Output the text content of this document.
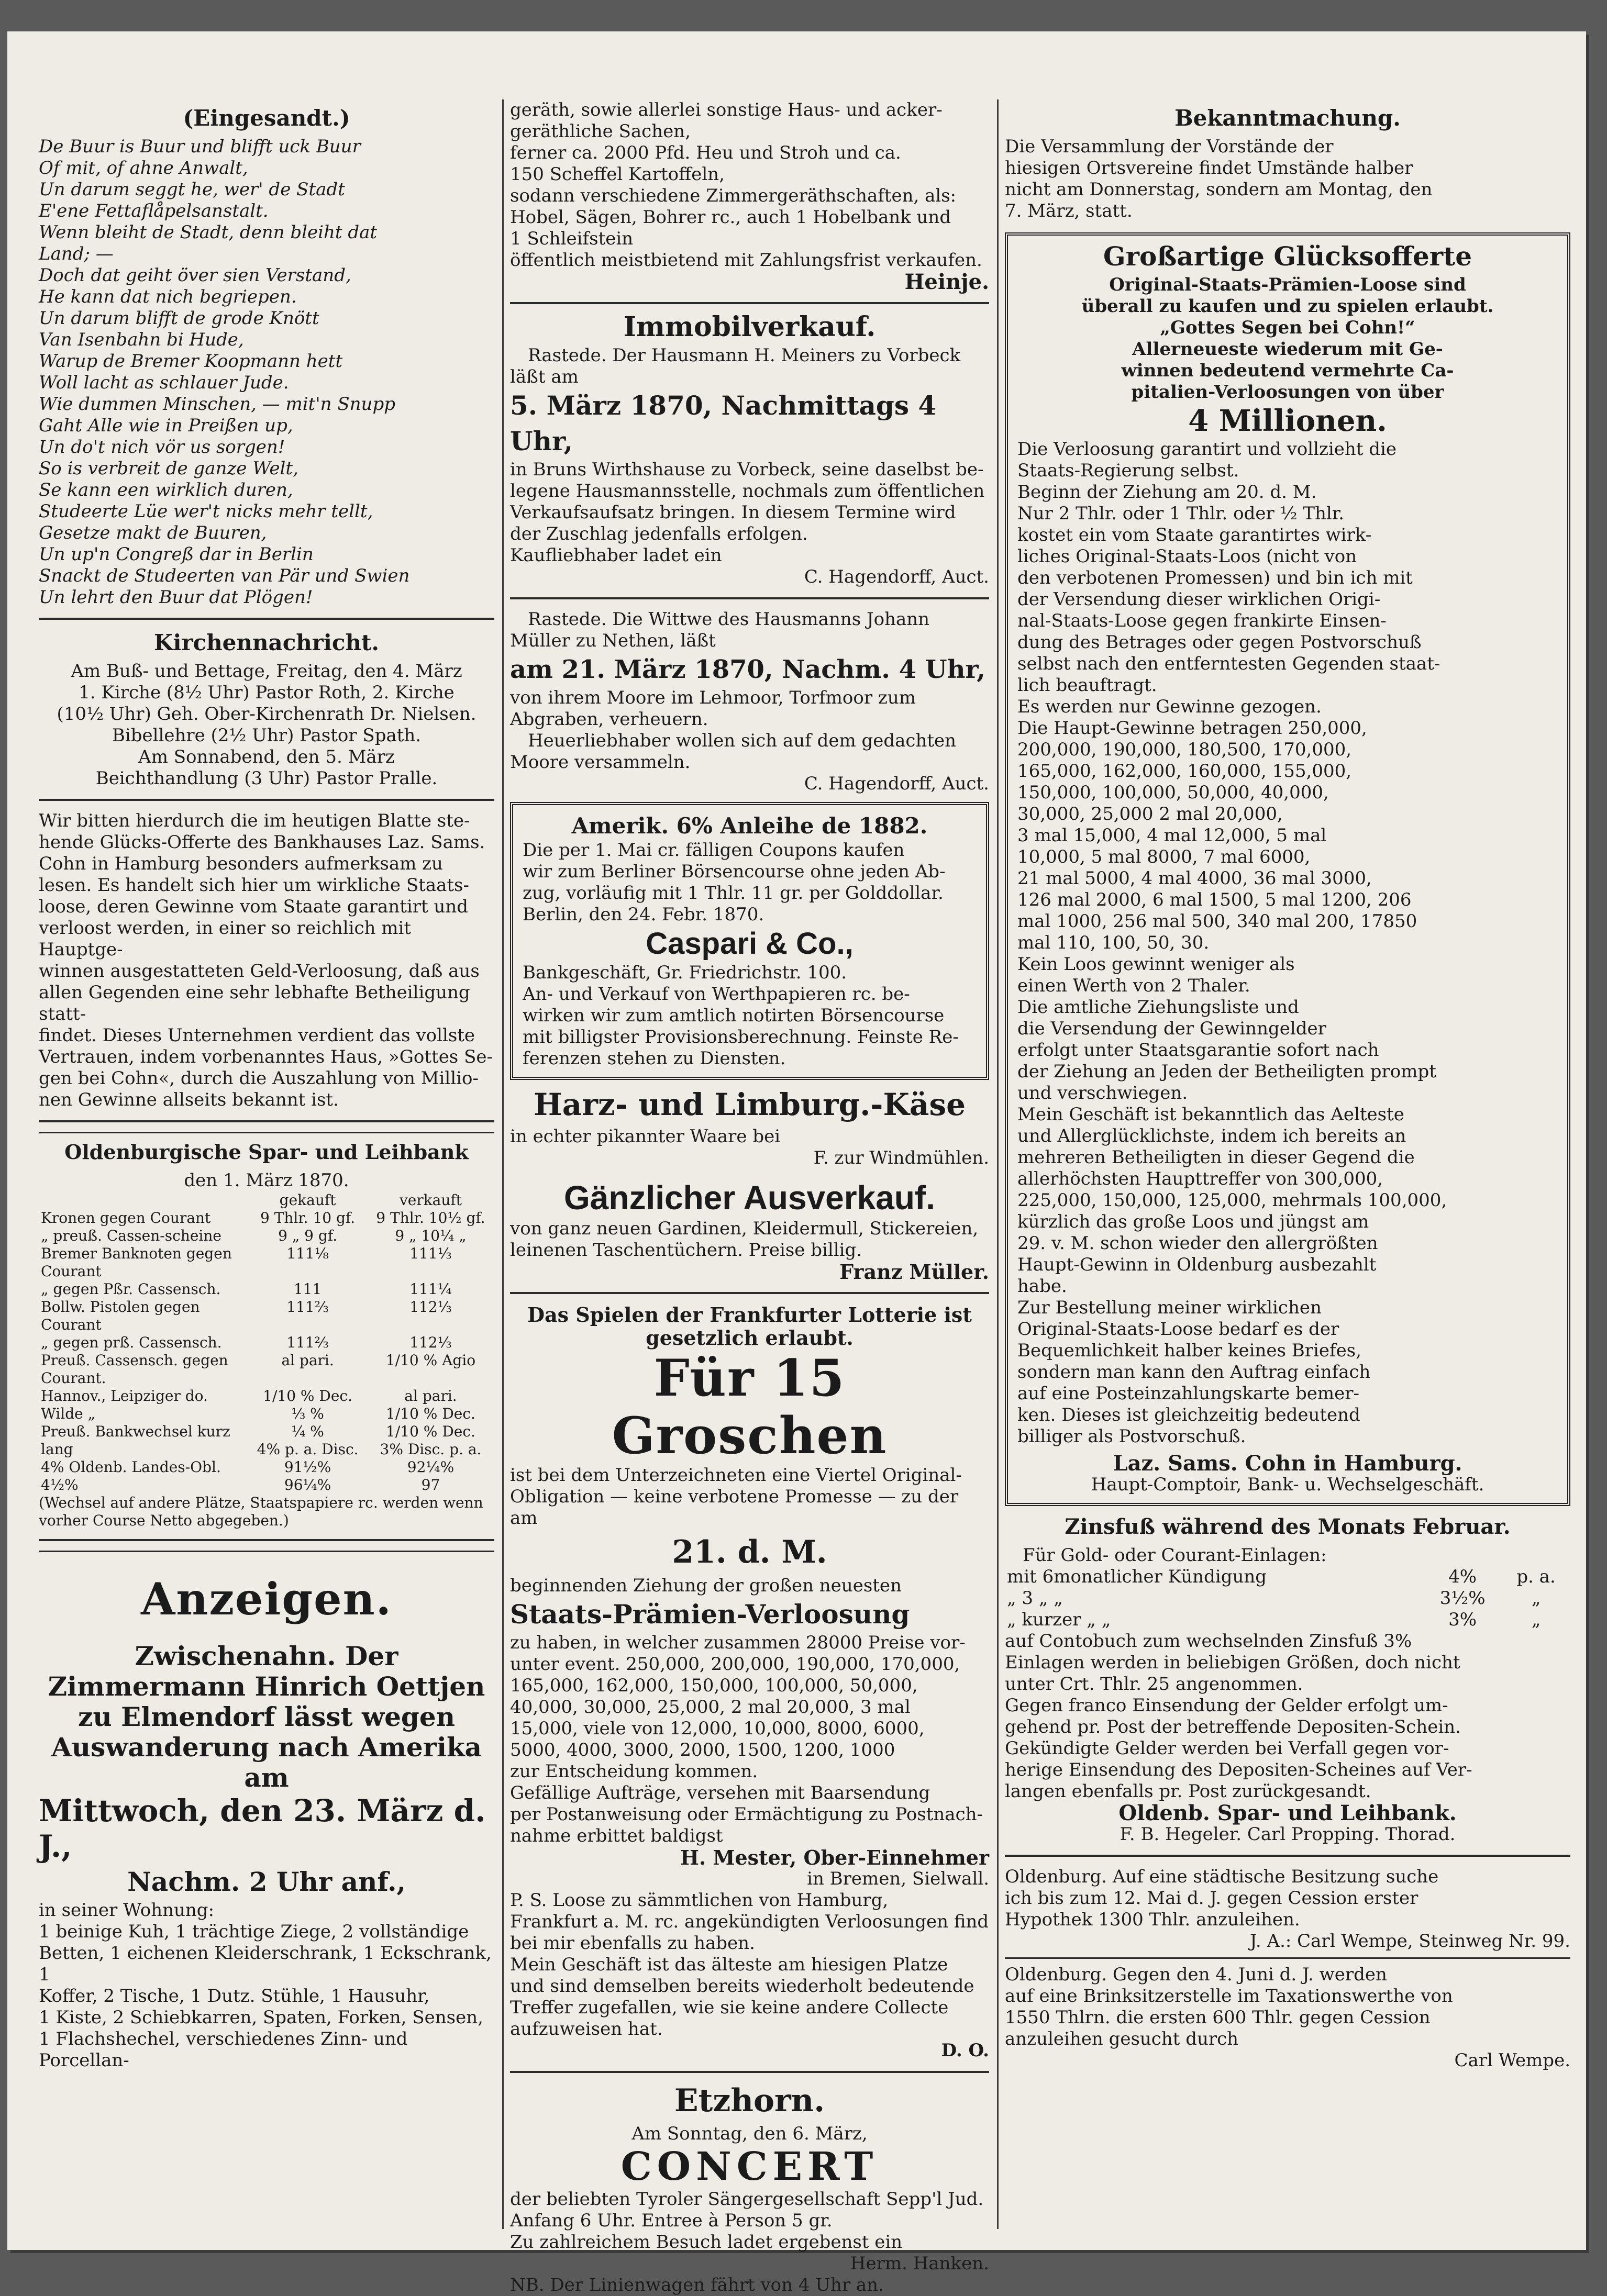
(Eingesandt.)

De Buur is Buur und blifft uck Buur

Of mit, of ahne Anwalt,

Un darum seggt he, wer' de Stadt

E'ene Fettaflåpelsanstalt.

Wenn bleiht de Stadt, denn bleiht dat

Land; —

Doch dat geiht över sien Verstand,

He kann dat nich begriepen.

Un darum blifft de grode Knött

Van Isenbahn bi Hude,

Warup de Bremer Koopmann hett

Woll lacht as schlauer Jude.

Wie dummen Minschen, — mit'n Snupp

Gaht Alle wie in Preißen up,

Un do't nich vör us sorgen!

So is verbreit de ganze Welt,

Se kann een wirklich duren,

Studeerte Lüe wer't nicks mehr tellt,

Gesetze makt de Buuren,

Un up'n Congreß dar in Berlin

Snackt de Studeerten van Pär und Swien

Un lehrt den Buur dat Plögen!

Kirchennachricht.

Am Buß- und Bettage, Freitag, den 4. März

1. Kirche (8½ Uhr) Pastor Roth, 2. Kirche

(10½ Uhr) Geh. Ober-Kirchenrath Dr. Nielsen.

Bibellehre (2½ Uhr) Pastor Spath.

Am Sonnabend, den 5. März

Beichthandlung (3 Uhr) Pastor Pralle.

Wir bitten hierdurch die im heutigen Blatte ste-

hende Glücks-Offerte des Bankhauses Laz. Sams.

Cohn in Hamburg besonders aufmerksam zu

lesen. Es handelt sich hier um wirkliche Staats-

loose, deren Gewinne vom Staate garantirt und

verloost werden, in einer so reichlich mit Hauptge-

winnen ausgestatteten Geld-Verloosung, daß aus

allen Gegenden eine sehr lebhafte Betheiligung statt-

findet. Dieses Unternehmen verdient das vollste

Vertrauen, indem vorbenanntes Haus, »Gottes Se-

gen bei Cohn«, durch die Auszahlung von Millio-

nen Gewinne allseits bekannt ist.

Oldenburgische Spar- und Leihbank

den 1. März 1870.

	gekauft	verkauft
Kronen gegen Courant	9 Thlr. 10 gf.	9 Thlr. 10½ gf.
„ preuß. Cassen-scheine	9 „ 9 gf.	9 „ 10¼ „
Bremer Banknoten gegen Courant	111⅛	111⅓
„ gegen Pßr. Cassensch.	111	111¼
Bollw. Pistolen gegen Courant	111⅔	112⅓
„ gegen prß. Cassensch.	111⅔	112⅓
Preuß. Cassensch. gegen Courant.	al pari.	1/10 % Agio
Hannov., Leipziger do.	1/10 % Dec.	al pari.
Wilde „	⅓ %	1/10 % Dec.
Preuß. Bankwechsel kurz	¼ %	1/10 % Dec.
lang	4% p. a. Disc.	3% Disc. p. a.
4% Oldenb. Landes-Obl.	91½%	92¼%
4½%	96¼%	97

(Wechsel auf andere Plätze, Staatspapiere rc. werden wenn vorher Course Netto abgegeben.)

Anzeigen.

Zwischenahn. Der Zimmermann Hinrich Oettjen zu Elmendorf lässt wegen Auswanderung nach Amerika am

Mittwoch, den 23. März d. J.,

Nachm. 2 Uhr anf.,

in seiner Wohnung:

1 beinige Kuh, 1 trächtige Ziege, 2 vollständige

Betten, 1 eichenen Kleiderschrank, 1 Eckschrank, 1

Koffer, 2 Tische, 1 Dutz. Stühle, 1 Hausuhr,

1 Kiste, 2 Schiebkarren, Spaten, Forken, Sensen,

1 Flachshechel, verschiedenes Zinn- und Porcellan-

geräth, sowie allerlei sonstige Haus- und acker-

geräthliche Sachen,

ferner ca. 2000 Pfd. Heu und Stroh und ca.

150 Scheffel Kartoffeln,

sodann verschiedene Zimmergeräthschaften, als:

Hobel, Sägen, Bohrer rc., auch 1 Hobelbank und

1 Schleifstein

öffentlich meistbietend mit Zahlungsfrist verkaufen.

Heinje.

Immobilverkauf.

Rastede. Der Hausmann H. Meiners zu Vorbeck läßt am

5. März 1870, Nachmittags 4 Uhr,

in Bruns Wirthshause zu Vorbeck, seine daselbst be-

legene Hausmannsstelle, nochmals zum öffentlichen

Verkaufsaufsatz bringen. In diesem Termine wird

der Zuschlag jedenfalls erfolgen.

Kaufliebhaber ladet ein

C. Hagendorff, Auct.

Rastede. Die Wittwe des Hausmanns Johann Müller zu Nethen, läßt

am 21. März 1870, Nachm. 4 Uhr,

von ihrem Moore im Lehmoor, Torfmoor zum Abgraben, verheuern.

Heuerliebhaber wollen sich auf dem gedachten Moore versammeln.

C. Hagendorff, Auct.

Amerik. 6% Anleihe de 1882.

Die per 1. Mai cr. fälligen Coupons kaufen

wir zum Berliner Börsencourse ohne jeden Ab-

zug, vorläufig mit 1 Thlr. 11 gr. per Golddollar.

Berlin, den 24. Febr. 1870.

Caspari & Co.,

Bankgeschäft, Gr. Friedrichstr. 100.

An- und Verkauf von Werthpapieren rc. be-

wirken wir zum amtlich notirten Börsencourse

mit billigster Provisionsberechnung. Feinste Re-

ferenzen stehen zu Diensten.

Harz- und Limburg.-Käse

in echter pikannter Waare bei

F. zur Windmühlen.

Gänzlicher Ausverkauf.

von ganz neuen Gardinen, Kleidermull, Stickereien,

leinenen Taschentüchern. Preise billig.

Franz Müller.

Das Spielen der Frankfurter Lotterie ist gesetzlich erlaubt.

Für 15 Groschen

ist bei dem Unterzeichneten eine Viertel Original-Obligation — keine verbotene Promesse — zu der am

21. d. M.

beginnenden Ziehung der großen neuesten

Staats-Prämien-Verloosung

zu haben, in welcher zusammen 28000 Preise vor-

unter event. 250,000, 200,000, 190,000, 170,000,

165,000, 162,000, 150,000, 100,000, 50,000,

40,000, 30,000, 25,000, 2 mal 20,000, 3 mal

15,000, viele von 12,000, 10,000, 8000, 6000,

5000, 4000, 3000, 2000, 1500, 1200, 1000

zur Entscheidung kommen.

Gefällige Aufträge, versehen mit Baarsendung

per Postanweisung oder Ermächtigung zu Postnach-

nahme erbittet baldigst

H. Mester, Ober-Einnehmer

in Bremen, Sielwall.

P. S. Loose zu sämmtlichen von Hamburg,

Frankfurt a. M. rc. angekündigten Verloosungen find

bei mir ebenfalls zu haben.

Mein Geschäft ist das älteste am hiesigen Platze

und sind demselben bereits wiederholt bedeutende

Treffer zugefallen, wie sie keine andere Collecte

aufzuweisen hat.

D. O.

Etzhorn.

Am Sonntag, den 6. März,

CONCERT

der beliebten Tyroler Sängergesellschaft Sepp'l Jud.

Anfang 6 Uhr. Entree à Person 5 gr.

Zu zahlreichem Besuch ladet ergebenst ein

Herm. Hanken.

NB. Der Linienwagen fährt von 4 Uhr an.

Bekanntmachung.

Die Versammlung der Vorstände der

hiesigen Ortsvereine findet Umstände halber

nicht am Donnerstag, sondern am Montag, den

7. März, statt.

Großartige Glücksofferte

Original-Staats-Prämien-Loose sind

überall zu kaufen und zu spielen erlaubt.

„Gottes Segen bei Cohn!“

Allerneueste wiederum mit Ge-

winnen bedeutend vermehrte Ca-

pitalien-Verloosungen von über

4 Millionen.

Die Verloosung garantirt und vollzieht die

Staats-Regierung selbst.

Beginn der Ziehung am 20. d. M.

Nur 2 Thlr. oder 1 Thlr. oder ½ Thlr.

kostet ein vom Staate garantirtes wirk-

liches Original-Staats-Loos (nicht von

den verbotenen Promessen) und bin ich mit

der Versendung dieser wirklichen Origi-

nal-Staats-Loose gegen frankirte Einsen-

dung des Betrages oder gegen Postvorschuß

selbst nach den entferntesten Gegenden staat-

lich beauftragt.

Es werden nur Gewinne gezogen.

Die Haupt-Gewinne betragen 250,000,

200,000, 190,000, 180,500, 170,000,

165,000, 162,000, 160,000, 155,000,

150,000, 100,000, 50,000, 40,000,

30,000, 25,000 2 mal 20,000,

3 mal 15,000, 4 mal 12,000, 5 mal

10,000, 5 mal 8000, 7 mal 6000,

21 mal 5000, 4 mal 4000, 36 mal 3000,

126 mal 2000, 6 mal 1500, 5 mal 1200, 206

mal 1000, 256 mal 500, 340 mal 200, 17850

mal 110, 100, 50, 30.

Kein Loos gewinnt weniger als

einen Werth von 2 Thaler.

Die amtliche Ziehungsliste und

die Versendung der Gewinngelder

erfolgt unter Staatsgarantie sofort nach

der Ziehung an Jeden der Betheiligten prompt

und verschwiegen.

Mein Geschäft ist bekanntlich das Aelteste

und Allerglücklichste, indem ich bereits an

mehreren Betheiligten in dieser Gegend die

allerhöchsten Haupttreffer von 300,000,

225,000, 150,000, 125,000, mehrmals 100,000,

kürzlich das große Loos und jüngst am

29. v. M. schon wieder den allergrößten

Haupt-Gewinn in Oldenburg ausbezahlt

habe.

Zur Bestellung meiner wirklichen

Original-Staats-Loose bedarf es der

Bequemlichkeit halber keines Briefes,

sondern man kann den Auftrag einfach

auf eine Posteinzahlungskarte bemer-

ken. Dieses ist gleichzeitig bedeutend

billiger als Postvorschuß.

Laz. Sams. Cohn in Hamburg.

Haupt-Comptoir, Bank- u. Wechselgeschäft.

Zinsfuß während des Monats Februar.

Für Gold- oder Courant-Einlagen:

mit 6monatlicher Kündigung	4%	p. a.
„ 3 „ „	3½%	„
„ kurzer „ „	3%	„

auf Contobuch zum wechselnden Zinsfuß 3%

Einlagen werden in beliebigen Größen, doch nicht

unter Crt. Thlr. 25 angenommen.

Gegen franco Einsendung der Gelder erfolgt um-

gehend pr. Post der betreffende Depositen-Schein.

Gekündigte Gelder werden bei Verfall gegen vor-

herige Einsendung des Depositen-Scheines auf Ver-

langen ebenfalls pr. Post zurückgesandt.

Oldenb. Spar- und Leihbank.

F. B. Hegeler. Carl Propping. Thorad.

Oldenburg. Auf eine städtische Besitzung suche

ich bis zum 12. Mai d. J. gegen Cession erster

Hypothek 1300 Thlr. anzuleihen.

J. A.: Carl Wempe, Steinweg Nr. 99.

Oldenburg. Gegen den 4. Juni d. J. werden

auf eine Brinksitzerstelle im Taxationswerthe von

1550 Thlrn. die ersten 600 Thlr. gegen Cession

anzuleihen gesucht durch

Carl Wempe.
